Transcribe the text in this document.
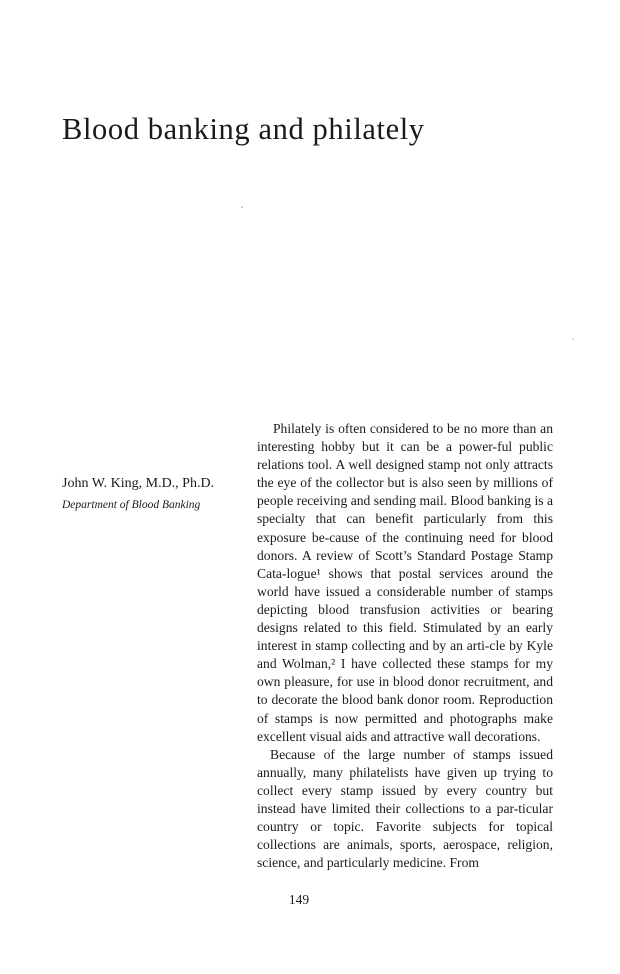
Blood banking and philately
John W. King, M.D., Ph.D.
Department of Blood Banking

Philately is often considered to be no more than an interesting hobby but it can be a power-ful public relations tool. A well designed stamp not only attracts the eye of the collector but is also seen by millions of people receiving and sending mail. Blood banking is a specialty that can benefit particularly from this exposure be-cause of the continuing need for blood donors. A review of Scott’s Standard Postage Stamp Cata-logue¹ shows that postal services around the world have issued a considerable number of stamps depicting blood transfusion activities or bearing designs related to this field. Stimulated by an early interest in stamp collecting and by an arti-cle by Kyle and Wolman,² I have collected these stamps for my own pleasure, for use in blood donor recruitment, and to decorate the blood bank donor room. Reproduction of stamps is now permitted and photographs make excellent visual aids and attractive wall decorations.

Because of the large number of stamps issued annually, many philatelists have given up trying to collect every stamp issued by every country but instead have limited their collections to a par-ticular country or topic. Favorite subjects for topical collections are animals, sports, aerospace, religion, science, and particularly medicine. From

149
